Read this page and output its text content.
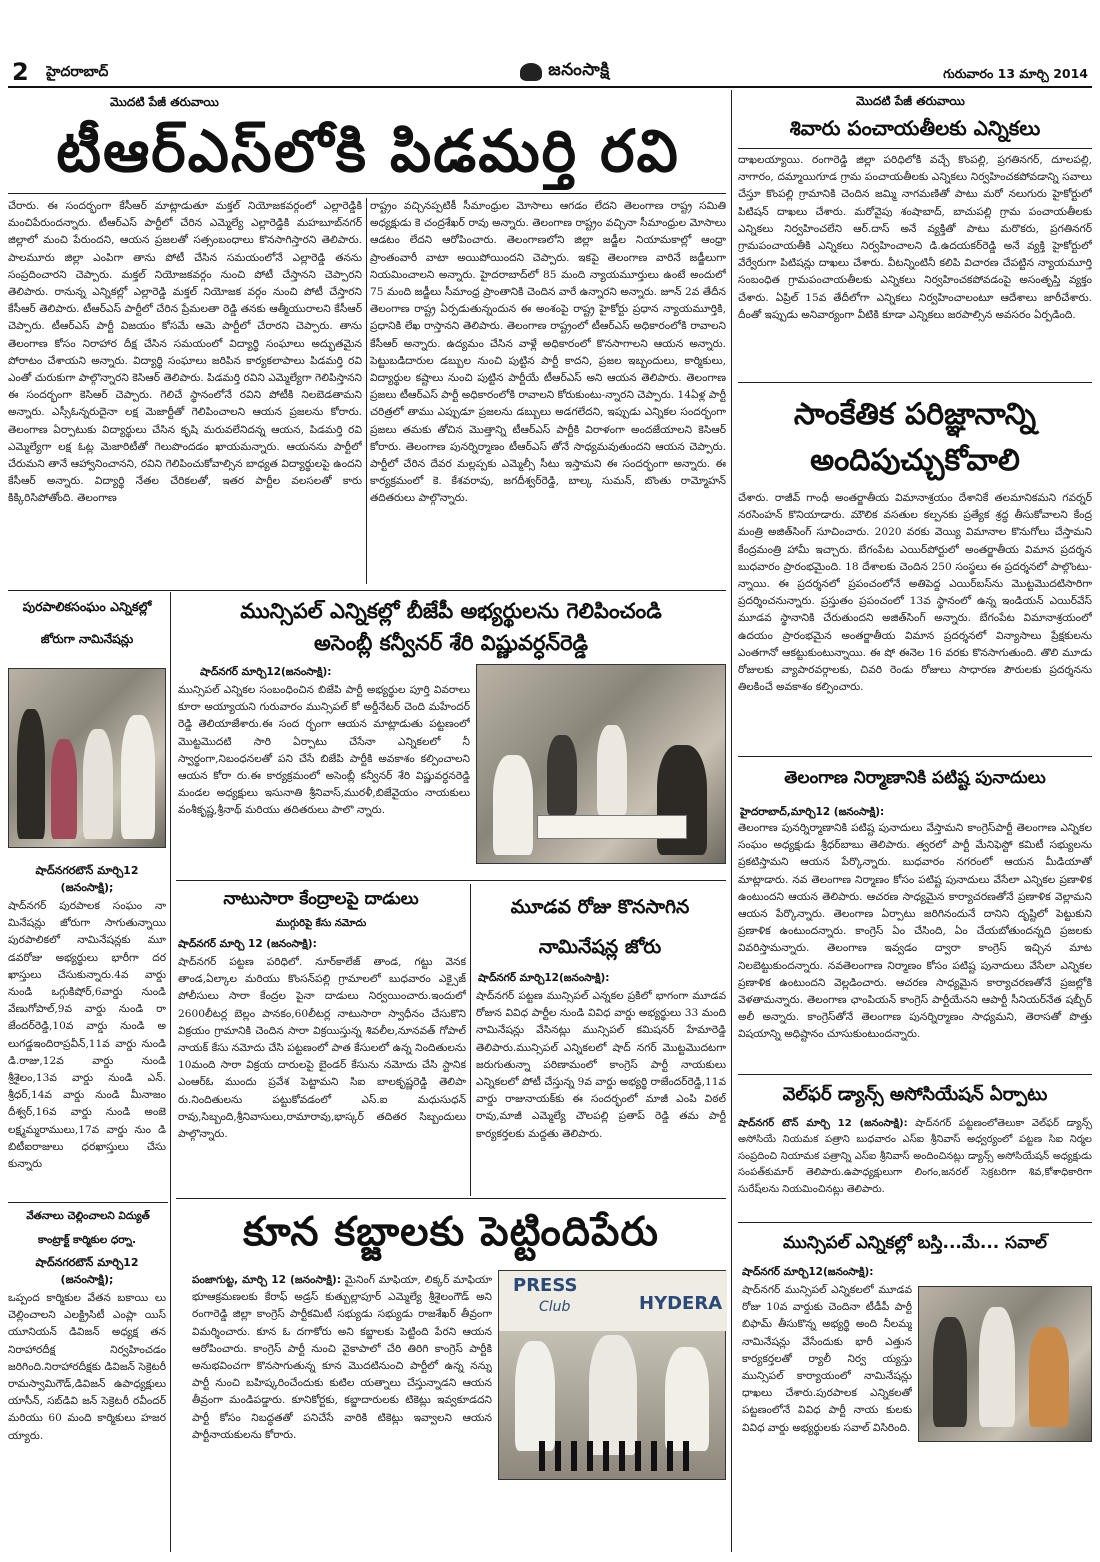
2 హైదరాబాద్‌	జనంసాక్షి	గురువారం 13 మార్చి 2014
మొదటి పేజీ తరువాయి
టీఆర్‌ఎస్‌లోకి పిడమర్తి రవి
చేరారు. ఈ సందర్భంగా కేసీఆర్‌ మాట్లాడుతూ మక్తల్‌ నియోజకవర్గంలో ఎల్లారెడ్డికి మంచిపేరుందన్నారు. టీఆర్‌ఎస్‌ పార్టీలో చేరిన ఎమ్మెల్యే ఎల్లారెడ్డికి మహబూబ్‌నగర్‌ జిల్లాలో మంచి పేరుందని, ఆయన ప్రజలతో సత్సంబంధాలు కొనసాగిస్తారని తెలిపారు. పాలమూరు జిల్లా ఎంపిగా తాను పోటీ చేసిన సమయంలోనే ఎల్లారెడ్డి తనను సంప్రదించారని చెప్పారు. మక్తల్‌ నియోజకవర్గం నుంచి పోటీ చేస్తానని చెప్పారని తెలిపారు. రానున్న ఎన్నికల్లో ఎల్లారెడ్డి మక్తల్‌ నియోజక వర్గం నుంచి పోటీ చేస్తారని కేసీఆర్‌ తెలిపారు. టీఆర్‌ఎస్‌ పార్టీలో చేరిన ప్రేమలతా రెడ్డి తనకు ఆత్మీయురాలని కేసీఆర్‌ చెప్పారు. టీఆర్‌ఎస్‌ పార్టీ విజయం కోసమే ఆమె పార్టీలో చేరారని చెప్పారు. తాను తెలంగాణ కోసం నిరాహార దీక్ష చేసిన సమయంలో విద్యార్థి సంఘాలు అద్భుతమైన పోరాటం చేశాయని అన్నారు. విద్యార్థి సంఘాలు జరిపిన కార్యకలాపాలు పిడమర్తి రవి ఎంతో చురుకుగా పాల్గొన్నారని కెసిఆర్‌ తెలిపారు. పిడమర్తి రవిని ఎమ్మెల్యేగా గెలిపిస్తానని ఈ సందర్భంగా కెసిఆర్‌ చెప్పారు. గెలిచే స్థానంలోనే రవిని పోటీకి నిలబెడతామని అన్నారు. ఎస్సీఓన్నరుదైనా లక్ష మెజార్టీతో గెలిపించాలని ఆయన ప్రజలను కోరారు. తెలంగాణ ఏర్పాటుకు విద్యార్థులు చేసిన కృషి మరువలేనిదన్న ఆయన, పిడమర్తి రవి ఎమ్మెల్యేగా లక్ష ఓట్ల మెజారిటీతో గెలుపొందడం ఖాయమన్నారు. ఆయనను పార్టీలో చేరుమని తానే ఆహ్వానించానని, రవిని గెలిపించుకోవాల్సిన బాధ్యత విద్యార్థులపై ఉందని కేసీఆర్‌ అన్నారు. విద్యార్థి నేతల చేరికలతో, ఇతర పార్టీల వలసలతో కారు కిక్కిరిసిపోతోంది. తెలంగాణ
రాష్ట్రం వచ్చినప్పటికీ సీమాంధ్రుల మోసాలు ఆగడం లేదని తెలంగాణ రాష్ట్ర సమితి అధ్యక్షుడు కె చంద్రశేఖర్‌ రావు అన్నారు. తెలంగాణ రాష్ట్రం వచ్చినా సీమాంధ్రుల మోసాలు ఆడటం లేదని ఆరోపించారు. తెలంగాణలోని జిల్లా జడ్జీల నియామకాల్లో ఆంధ్రా ప్రాంతంవారీ వాటా అయిపోయిందని చెప్పారు. ఇకపై తెలంగాణ వారినే జడ్జీలుగా నియమించాలని అన్నారు. హైదరాబాద్‌లో 85 మంది న్యాయమూర్తులు ఉంటే అందులో 75 మంది జడ్జీలు సీమాంధ్ర ప్రాంతానికి చెందిన వారే ఉన్నారని అన్నారు. జూన్‌ 2వ తేదీన తెలంగాణ రాష్ట్ర ఏర్పడుతున్నందున ఈ అంశంపై రాష్ట్ర హైకోర్టు ప్రధాన న్యాయమూర్తికి, ప్రధానికి లేఖ రాస్తానని తెలిపారు. తెలంగాణ రాష్ట్రంలో టీఆర్‌ఎస్‌ అధికారంలోకి రావాలని కేసీఆర్‌ అన్నారు. ఉద్యమం చేసిన వాళ్లే అధికారంలో కొనసాగాలని ఆయన అన్నారు. పెట్టుబడిదారుల డబ్బుల నుంచి పుట్టిన పార్టీ కాదని, ప్రజల ఇబ్బందులు, కార్మికులు, విద్యార్థుల కష్టాలు నుంచి పుట్టిన పార్టీయే టీఆర్‌ఎస్‌ అని ఆయన తెలిపారు. తెలంగాణ ప్రజలు టీఆర్‌ఎస్‌ పార్టీ అధికారంలోకి రావాలని కోరుకుంటు-న్నారని చెప్పారు. 14ఏళ్ల పార్టీ చరిత్రలో తాము ఎప్పుడూ ప్రజలను డబ్బులు అడగలేదని, ఇప్పుడు ఎన్నికల సందర్భంగా ప్రజలు తమకు తోచిన మొత్తాన్ని టీఆర్‌ఎస్‌ పార్టీకి విరాళంగా అందజేయాలని కెసిఆర్‌ కోరారు. తెలంగాణ పునర్నిర్మాణం టీఆర్‌ఎస్‌ తోనే సాధ్యమవుతుందని ఆయన చెప్పారు. పార్టీలో చేరిన దేవర మల్లప్పకు ఎమ్మెల్సీ సీటు ఇస్తామని ఈ సందర్భంగా అన్నారు. ఈ కార్యక్రమంలో కె. కేశవరావు, జగదీశ్వర్‌రెడ్డి, బాల్క సుమన్‌, బొంతు రామ్మోహన్‌ తదితరులు పాల్గొన్నారు.
మొదటి పేజీ తరువాయి
శివారు పంచాయతీలకు ఎన్నికలు
దాఖలయ్యాయి. రంగారెడ్డి జిల్లా పరిధిలోకి వచ్చే కొంపల్లి, ప్రగతినగర్‌, దూలపల్లి, నాగారం, దమ్మాయిగూడ గ్రామ పంచాయతీలకు ఎన్నికలు నిర్వహించకపోవడాన్ని సవాలు చేస్తూ కొంపల్లి గ్రామానికి చెందిన జమ్మి నాగమణితో పాటు మరో నలుగురు హైకోర్టులో పిటిషన్‌ దాఖలు చేశారు. మరోవైపు శంషాబాద్‌, బాచుపల్లి గ్రామ పంచాయతీలకు ఎన్నికలు నిర్వహించలేని ఆర్‌.దాస్‌ అనే వ్యక్తితో పాటు మరొకరు, ప్రగతినగర్‌ గ్రామపంచాయతీకి ఎన్నికలు నిర్వహించాలని డి.ఉదయకర్‌రెడ్డి అనే వ్యక్తి హైకోర్టులో వేర్వేరుగా పిటిషన్లు దాఖలు చేశారు. వీటన్నింటినీ కలిపి విచారణ చేపట్టిన న్యాయమూర్తి సంబంధిత గ్రామపంచాయతీలకు ఎన్నికలు నిర్వహించకపోవడంపై అసంతృప్తి వ్యక్తం చేశారు. ఏప్రిల్‌ 15వ తేదీలోగా ఎన్నికలు నిర్వహించాలంటూ ఆదేశాలు జారీచేశారు. దీంతో ఇప్పుడు అనివార్యంగా వీటికి కూడా ఎన్నికలు జరపాల్సిన అవసరం ఏర్పడింది.
సాంకేతిక పరిజ్ఞానాన్ని
అందిపుచ్చుకోవాలి
చేశారు. రాజీవ్‌ గాంధీ అంతర్జాతీయ విమానాశ్రయం దేశానికే తలమానికమని గవర్నర్‌ నరసింహన్‌ కొనియాడారు. మౌలిక వసతుల కల్పనకు ప్రత్యేక శ్రద్ధ తీసుకోవాలని కేంద్ర మంత్రి అజిత్‌సింగ్‌ సూచించారు. 2020 వరకు వెయ్యి విమానాల కొనుగోలు చేస్తామని కేంద్రమంత్రి హామీ ఇచ్చారు. బేగంపేట ఎయిర్‌పోర్టులో అంతర్జాతీయ విమాన ప్రదర్శన బుధవారం ప్రారంభమైంది. 18 దేశాలకు చెందిన 250 సంస్థలు ఈ ప్రదర్శనలో పాల్గొంటు-న్నాయి. ఈ ప్రదర్శనలో ప్రపంచంలోనే అతిపెద్ద ఎయిర్‌బస్‌ను మొట్టమొదటిసారిగా ప్రదర్శించనున్నారు. ప్రస్తుతం ప్రపంచంలో 13వ స్థానంలో ఉన్న ఇండియన్‌ ఎయిర్‌వేస్‌ మూడవ స్థానానికి చేరుతుందని అజిత్‌సింగ్‌ అన్నారు. బేగంపేట విమానాశ్రయంలో ఉదయం ప్రారంభమైన అంతర్జాతీయ విమాన ప్రదర్శనలో విన్యాసాలు ప్రేక్షకులను ఎంతగానో ఆకట్టుకుంటున్నాయి. ఈ షో ఈనెల 16 వరకు కొనసాగుతుంది. తొలి మూడు రోజులకు వ్యాపారవర్గాలకు, చివరి రెండు రోజులు సాధారణ పౌరులకు ప్రదర్శనను తిలకించే అవకాశం కల్పించారు.
తెలంగాణ నిర్మాణానికి పటిష్ట పునాదులు
హైదరాబాద్‌,మార్చి12 (జనంసాక్షి):
తెలంగాణ పునర్నిర్మాణానికి పటిష్ట పునాదులు వేస్తామని కాంగ్రెస్‌పార్టీ తెలంగాణ ఎన్నికల సంఘం అధ్యక్షుడు శ్రీధర్‌బాబు తెలిపారు. త్వరలో పార్టీ మేనిఫెస్టో కమిటీ సభ్యులను ప్రకటిస్తామని ఆయన పేర్కొన్నారు. బుధవారం నగరంలో ఆయన మీడియాతో మాట్లాడారు. నవ తెలంగాణ నిర్మాణం కోసం పటిష్ట పునాదులు వేసేలా ఎన్నికల ప్రణాళిక ఉంటుందని ఆయన తెలిపారు. ఆచరణ సాధ్యమైన కార్యాచరణతోనే ప్రణాళిక వెల్లామని ఆయన పేర్కొన్నారు. తెలంగాణ ఏర్పాటు జరిగినందునే దానిని దృష్టిలో పెట్టుకుని ప్రణాళిక ఉంటుందన్నారు. కాంగ్రెస్‌ ఏం చేసింది, ఏం చేయబోతుందన్నది ప్రజలకు వివరిస్తామన్నారు. తెలంగాణ ఇవ్వడం ద్వారా కాంగ్రెస్‌ ఇచ్చిన మాట నిలబెట్టుకుందన్నారు. నవతెలంగాణ నిర్మాణం కోసం పటిష్ట పునాదులు వేసేలా ఎన్నికల ప్రణాళిక ఉంటుందని వెల్లడించారు. ఆచరణ సాధ్యమైన కార్యాచరణతోనే ప్రజల్లోకి వెళతామన్నారు. తెలంగాణ ఛాంపియన్‌ కాంగ్రెస్‌ పార్టీయేనని ఆపార్టీ సీనియర్‌నేత షబ్బీర్‌ అలీ అన్నారు. కాంగ్రెస్‌తోనే తెలంగాణ పునర్నిర్మాణం సాధ్యమని, తెరాసతో పొత్తు విషయాన్ని అధిష్టానం చూసుకుంటుందన్నారు.
వెల్‌ఫర్‌ డ్యాన్స్‌ అసోసియేషన్‌ ఏర్పాటు
షాద్‌నగర్‌ టౌన్‌ మార్చి 12 (జనంసాక్షి): షాద్‌నగర్‌ పట్టణంలోతెలుకా వెల్‌ఫర్‌ డ్యాన్స్‌ అసోసియే నియమక పత్రాని బుధవారం ఎస్‌ఐ శ్రీనివాస్‌ అధ్వర్యంలో పట్టణ సిఐ నిర్మల సంప్రదించి నియామక పత్రాన్ని ఎస్‌ఐ శ్రీనివాస్‌ అందించినట్లు డ్యాన్స్‌ అసోసియేషన్‌ అధ్యక్షుడు సంపత్‌కుమార్‌ తెలిపారు.ఉపాధ్యక్షులుగా లింగం,జనరల్‌ సెక్రటరిగా శివ,కోశాధికారిగా సురేష్‌లను నియమించినట్లు తెలిపారు.
మున్సిపల్‌ ఎన్నికల్లో బస్తి...మే... సవాల్‌
షాద్‌నగర్‌ మార్చి12(జనంసాక్షి):
షాద్‌నగర్‌ మున్సిపల్‌ ఎన్నికలలో మూడవ రోజు 10వ వార్డుకు చెందినా టీడీపీ పార్టీ బిఫామ్‌ తీసుకొన్న అభ్యర్థి అంది నీలమ్మ నామినేషన్లు వేసేందుకు భారీ ఎత్తున కార్యకర్తలతో ర్యాలీ నిర్వ య్యస్తు మున్సిపల్‌ కార్యాయంలో నామినేషన్లు ధాఖలు చేశారు.పురపాలక ఎన్నికలతో పట్టణంలోనే వివిధ పార్టీ నాయ కులకు వివిధ వార్డు అభ్యర్థులకు సవాల్‌ విసిరింది.
పురపాలికసంఘం ఎన్నికల్లో
జోరుగా నామినేషన్లు
షాద్‌నగరటౌన్‌ మార్చి12 (జనంసాక్షి);
షాద్‌నగర్‌ పురపాలక సంఘం నా మినేషన్లు జోరుగా సాగుతున్నాయి పురపాలికలో నామినేషన్లకు మూ డవరోజు అభ్యర్థులు భారీగా దర ఖాస్తులు చేసుకున్నారు.4వ వార్డు నుండి ఒగ్గుకిషోర్‌,6వార్డు నుండి వేణుగోపాల్‌,9వ వార్డు నుండి రా జేందర్‌రెడ్డి,10వ వార్డు నుండి అ లుగడ్డఇందిరాప్రవీన్‌,11వ వార్డు నుండి డి.రాజు,12వ వార్డు నుండి శ్రీశైలం,13వ వార్డు నుండి ఎన్‌. శ్రీధర్‌,14వ వార్డు నుండి మీనాజం దీశ్వర్‌,16వ వార్డు నుండి అంజె లక్ష్మమ్మరాములు,17వ వార్డు నుం డి బిటీఐరాజులు ధరఖాస్తులు చేసు కున్నారు
వేతనాలు చెల్లించాలని విద్యుత్‌
కాంట్రాక్ట్‌ కార్మికుల ధర్నా.
షాద్‌నగరటౌన్‌ మార్చి12 (జనంసాక్షి);
ఒప్పంద కార్మికుల వేతన బకాయి లు చెల్లించాలని ఎలక్ట్రిసిటీ ఎంప్లా యిస్‌ యూనియన్‌ డివిజన్‌ అధ్యక్ష తన నిరాహారదీక్ష నిర్వహించడం జరిగింది.నిరాహారదీక్షకు డివిజన్‌ సెక్రెటరీ రామస్వామిగౌడ్‌,డివిజన్‌ ఉపాధ్యక్షులు యాసీన్‌, సబ్‌డివి జన్‌ సెక్రెటరీ రవీందర్‌ మరియు 60 మంది కార్మికులు హజర య్యారు.
మున్సిపల్‌ ఎన్నికల్లో బీజేపీ అభ్యర్థులను గెలిపించండి
అసెంబ్లీ కన్వీనర్‌ శేరి విష్ణువర్ధన్‌రెడ్డి
షాద్‌నగర్‌ మార్చి12(జనంసాక్షి):
మున్సిపల్‌ ఎన్నికల సంబంధించిన బిజేపి పార్టీ అభ్యర్థుల పూర్తి వివరాలు కూరా అయ్యాయని గురువారం మున్సిపల్‌ కో అర్డీనేటర్‌ చెంది మహేందర్‌ రెడ్డి తెలియాజేశారు.ఈ సంద ర్భంగా ఆయన మాట్లాడుతు పట్టణంలో మొట్టమొదటి సారి ఏర్పాటు చేసేనా ఎన్నికలలో నీ స్వార్థంగా,నిబంధనలతో పని చేసే బిజేపి పార్టీకి అవకాశం కల్పించాలని ఆయన కోరా రు.ఈ కార్యక్రమంలో అసెంబ్లీ కన్వీనర్‌ శేరి విష్ణువర్ధనరెడ్డి మండల అధ్యక్షులు ఇసునాతి శ్రీనివాస్‌,మురళీ,బిజేవైయం నాయకులు వంశీకృష్ణ,శ్రీనాథ్‌ మరియు తదితరులు పాలొ న్నారు.
నాటుసారా కేంద్రాలపై దాడులు
ముగ్గురిపై కేసు నమోదు
షాద్‌నగర్‌ మార్చి 12 (జనంసాక్షి):
షాద్‌నగర్‌ పట్టణ పరిధిలో. నూర్‌కాలేజ్‌ తాండ, గట్టు వెనక తాండ,ఏల్కాల మరియు కొంసన్‌పల్లి గ్రామాలలో బుధవారం ఎక్సైజ్‌ పోలీసులు సారా కేంద్రల పైనా దాడులు నిర్వయించారు.ఇందులో 2600లీటర్ల బెల్లం పానకం,60లీటర్ల నాటుసారా స్వాధీనం చేసుకొని విక్రయం గ్రామానికి చెందిన సారా విక్రయిస్తున్న శివలీల,నూనవత్‌ గోపాల్‌ నాయక్‌ కేసు నమోదు చేసి పట్టణంలో పాత కేసులలో ఉన్న నిందితులను 10మంది సారా విక్రయ దారులపై బైండర్‌ కేసును నమోదు చేసి స్టానిక ఎంఆర్‌ఓ ముందు ప్రవేశ పెట్టామని సిఐ బాలకృష్ణరెడ్డి తెలిపా రు.నిందితులను పట్టుకోవడంలో ఎస్‌.ఐ మధుసుధన్‌ రావు,సిబ్బంది,శ్రీనివాసులు,రామారావు,భాస్కర్‌ తదితర సిబ్బందులు పాల్గొన్నారు.
మూడవ రోజు కొనసాగిన
నామినేషన్ల జోరు
షాద్‌నగర్‌ మార్చి12(జనంసాక్షి):
షాద్‌నగర్‌ పట్టణ మున్సిపల్‌ ఎన్నకల ప్రకిలో భాగంగా మూడవ రోజున వివిధ పార్టీల నుండి వివిధ వార్డు అభ్యర్థులు 33 మంది నామినేషన్లు వేసినట్లు మున్సిపల్‌ కమిషనర్‌ హేమారెడ్డి తెలిపారు.మున్సిపల్‌ ఎన్నికలలో షాద్‌ నగర్‌ మొట్టమొదటగా జరుగుతున్నా పరిణామంలో కాంగ్రెస్‌ పార్టీ నాయకులు ఎన్నికలలో పోటీ చేస్తున్న 9వ వార్డు అభ్యర్థి రాజేందర్‌రెడ్డి,11వ వార్డు రాజునాయక్‌కు ఈ సందర్భంలో మాజీ ఎంపి విఠల్‌ రావు,మాజీ ఎమ్మెల్యే చౌలపల్లి ప్రతాప్‌ రెడ్డి తమ పార్టీ కార్యకర్తలకు మద్దతు తెలిపారు.
కూన కబ్జాలకు పెట్టిందిపేరు
పంజాగుట్ట, మార్చి 12 (జనంసాక్షి): మైనింగ్‌ మాఫియా, లిక్కర్‌ మాఫియా భూఆక్రమణలకు కేరాఫ్‌ అడ్రస్‌ కుత్బుల్లాపూర్‌ ఎమ్మెల్యే శ్రీశైలంగౌడ్‌ అని రంగారెడ్డి జిల్లా కాంగ్రెస్‌ పార్టీకమిటీ సభ్యుడు సభ్యుడు రాజశేఖర్‌ తీవ్రంగా విమర్శించారు. కూన ఓ దగాకోరు అని కబ్జాలకు పెట్టింది పేరని ఆయన ఆరోపించారు. కాంగ్రెస్‌ పార్టీ నుంచి వైకాపాలో చేరి తిరిగి కాంగ్రెస్‌ పార్టీకి అనుభవించగా కొనసాగుతున్న కూన మొదటినుంచి పార్టీలో ఉన్న నన్ను పార్టీ నుంచి బహిష్కరించేందుకు కుటిల యత్నాలు చేస్తున్నాడని ఆయన తీవ్రంగా మండిపడ్డారు. కూనికోర్టకు, కబ్జాదారులకు టికెట్లు ఇవ్వకూడదని పార్టీ కోసం నిబద్ధతతో పనిచేసే వారికి టికెట్లు ఇవ్వాలని ఆయన పార్టీనాయకులను కోరారు.
PRESS
Club	HYDERA
